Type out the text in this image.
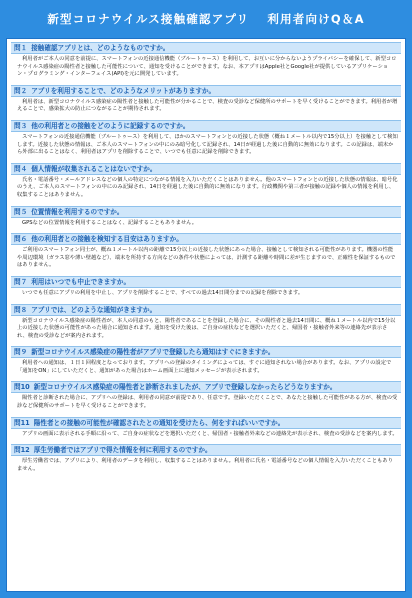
新型コロナウイルス接触確認アプリ 利用者向けQ＆A
問１ 接触確認アプリとは、どのようなものですか。

利用者がご本人の同意を前提に、スマートフォンの近接通信機能（ブルートゥース）を利用して、お互いに分からないようプライバシーを確保して、新型コロナウイルス感染症の陽性者と接触した可能性について、通知を受けることができます。なお、本アプリはApple社とGoogle社が提供しているアプリケーション・プログラミング・インターフェイス(API)を元に開発しています。

問２ アプリを利用することで、どのようなメリットがありますか。

利用者は、新型コロナウイルス感染症の陽性者と接触した可能性が分かることで、検査の受診など保健所のサポートを早く受けることができます。利用者が増えることで、感染拡大の防止につながることが期待されます。

問３ 他の利用者との接触をどのように記録するのですか。

スマートフォンの近接通信機能（ブルートゥース）を利用して、ほかのスマートフォンとの近接した状態（概ね１メートル以内で15分以上）を接触として検知します。近接した状態の情報は、ご本人のスマートフォンの中にのみ暗号化して記録され、14日が経過した後に自動的に無効になります。この記録は、端末から外部に出ることはなく、利用者はアプリを削除することで、いつでも任意に記録を削除できます。

問４ 個人情報が収集されることはないですか。

氏名・電話番号・メールアドレスなどの個人の特定につながる情報を入力いただくことはありません。他のスマートフォンとの近接した状態の情報は、暗号化のうえ、ご本人のスマートフォンの中にのみ記録され、14日を経過した後に自動的に無効になります。行政機関や第三者が接触の記録や個人の情報を利用し、収集することはありません。

問５ 位置情報を利用するのですか。

GPSなどの位置情報を利用することはなく、記録することもありません。

問６ 他の利用者との接触を検知する目安はありますか。

ご利用のスマートフォン同士が、概ね１メートル以内の距離で15分以上の近接した状態にあった場合、接触として検知される可能性があります。機器の性能や周辺環境（ガラス窓や薄い壁越など）、端末を所持する方向などの条件や状態によっては、計測する距離や時間に差が生じますので、正確性を保証するものではありません。

問７ 利用はいつでも中止できますか。

いつでも任意にアプリの利用を中止し、アプリを削除することで、すべての過去14日間分までの記録を削除できます。

問８ アプリでは、どのような通知がきますか。

新型コロナウイルス感染症の陽性者が、本人の同意のもと、陽性者であることを登録した場合に、その陽性者と過去14日間に、概ね１メートル以内で15分以上の近接した状態の可能性があった場合に通知されます。通知を受けた後は、ご自身の症状などを選択いただくと、帰国者・接触者外来等の連絡先が表示され、検査の受診などが案内されます。

問９ 新型コロナウイルス感染症の陽性者がアプリで登録したら通知はすぐにきますか。

利用者への通知は、１日１回程度となっております。アプリへの登録のタイミングによっては、すぐに通知されない場合があります。なお、アプリの設定で「通知をON」にしていただくと、通知があった場合はホーム画面上に通知メッセージが表示されます。

問10 新型コロナウイルス感染症の陽性者と診断されましたが、アプリで登録しなかったらどうなりますか。

陽性者と診断された場合に、アプリへの登録は、利用者の同意が前提であり、任意です。登録いただくことで、あなたと接触した可能性がある方が、検査の受診など保健所のサポートを早く受けることができます。

問11 陽性者との接触の可能性が確認されたとの通知を受けたら、何をすればいいですか。

アプリの画面に表示される手順に沿って、ご自身の症状などを選択いただくと、帰国者・接触者外来などの連絡先が表示され、検査の受診などを案内します。

問12 厚生労働者ではアプリで得た情報を何に利用するのですか。

厚生労働省では、アプリにより、利用者のデータを利用し、収集することはありません。利用者に氏名・電話番号などの個人情報を入力いただくこともありません。
